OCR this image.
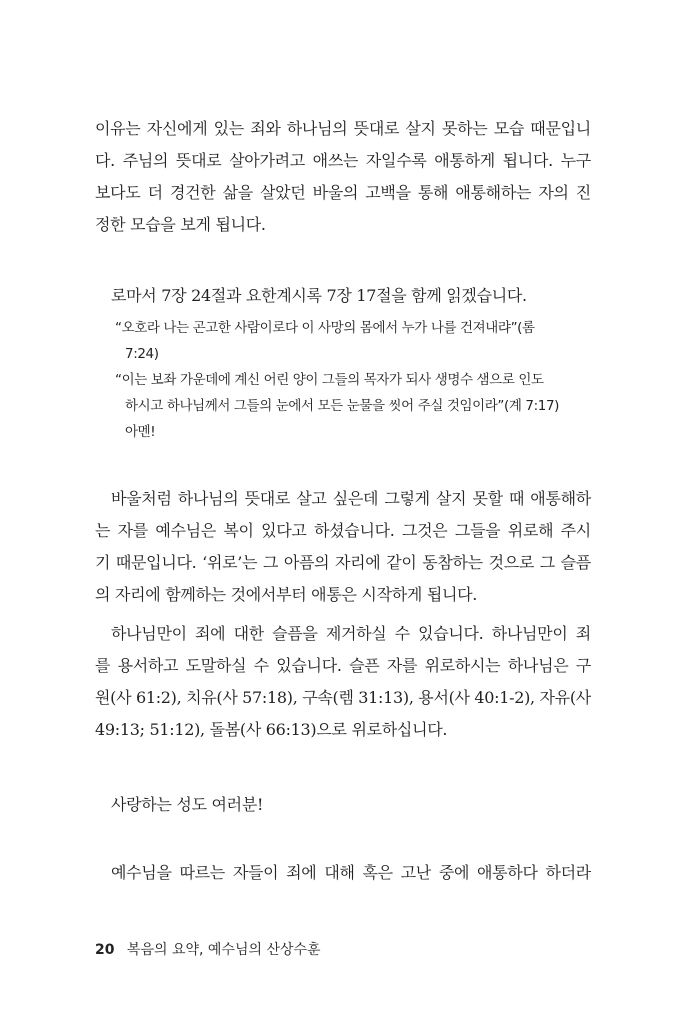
이유는 자신에게 있는 죄와 하나님의 뜻대로 살지 못하는 모습 때문입니
다. 주님의 뜻대로 살아가려고 애쓰는 자일수록 애통하게 됩니다. 누구
보다도 더 경건한 삶을 살았던 바울의 고백을 통해 애통해하는 자의 진
정한 모습을 보게 됩니다.
로마서 7장 24절과 요한계시록 7장 17절을 함께 읽겠습니다.
“오호라 나는 곤고한 사람이로다 이 사망의 몸에서 누가 나를 건져내랴”(롬
7:24)
“이는 보좌 가운데에 계신 어린 양이 그들의 목자가 되사 생명수 샘으로 인도
하시고 하나님께서 그들의 눈에서 모든 눈물을 씻어 주실 것임이라”(계 7:17)
아멘!
바울처럼 하나님의 뜻대로 살고 싶은데 그렇게 살지 못할 때 애통해하
는 자를 예수님은 복이 있다고 하셨습니다. 그것은 그들을 위로해 주시
기 때문입니다. ‘위로’는 그 아픔의 자리에 같이 동참하는 것으로 그 슬픔
의 자리에 함께하는 것에서부터 애통은 시작하게 됩니다.
하나님만이 죄에 대한 슬픔을 제거하실 수 있습니다. 하나님만이 죄
를 용서하고 도말하실 수 있습니다. 슬픈 자를 위로하시는 하나님은 구
원(사 61:2), 치유(사 57:18), 구속(렘 31:13), 용서(사 40:1-2), 자유(사
49:13; 51:12), 돌봄(사 66:13)으로 위로하십니다.
사랑하는 성도 여러분!
예수님을 따르는 자들이 죄에 대해 혹은 고난 중에 애통하다 하더라
20 복음의 요약, 예수님의 산상수훈
